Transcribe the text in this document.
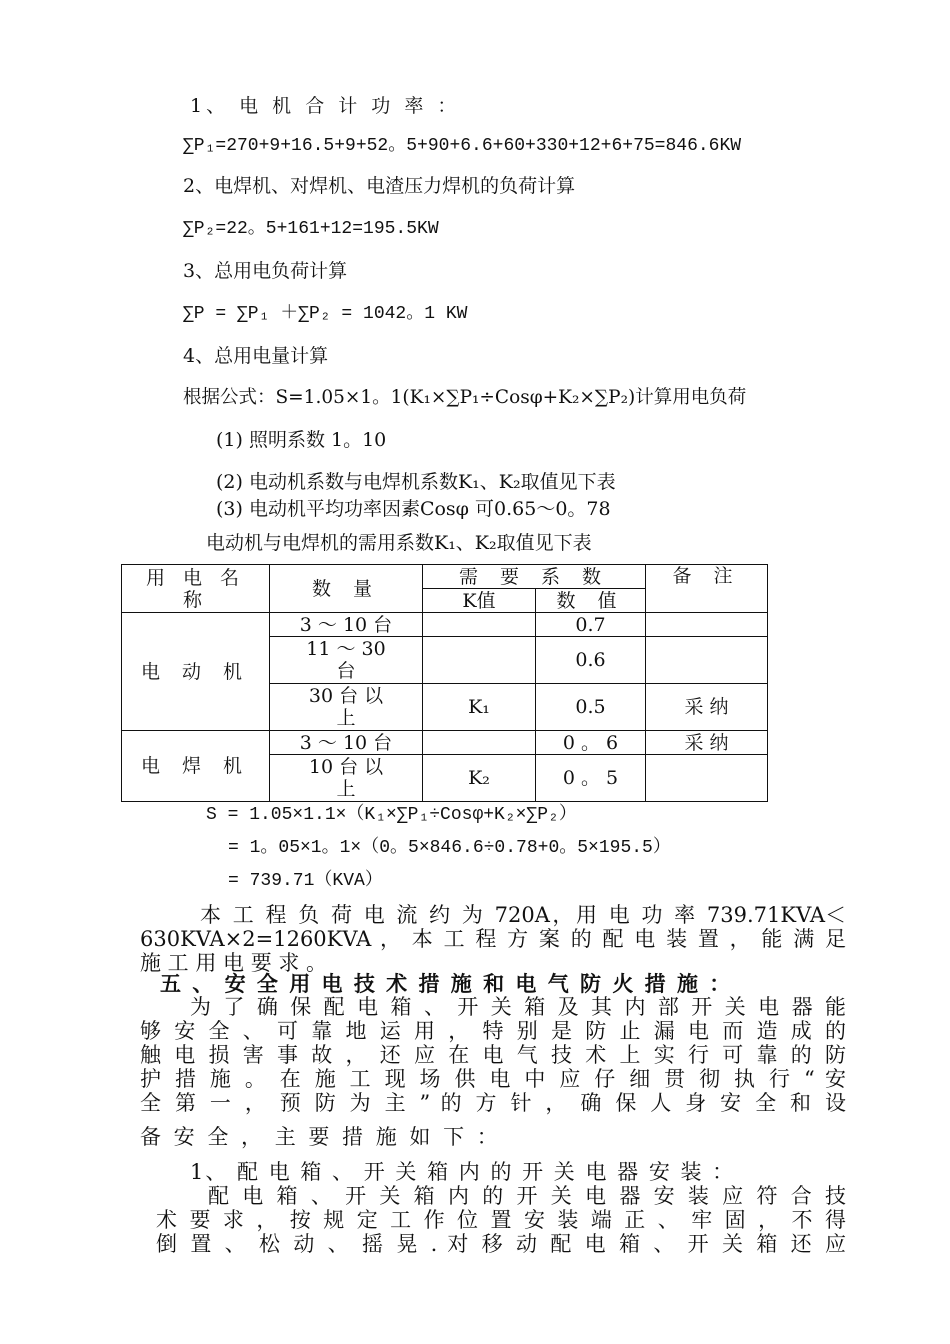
1、 电 机 合 计 功 率 ：
∑P₁=270+9+16.5+9+52。5+90+6.6+60+330+12+6+75=846.6KW
2、电焊机、对焊机、电渣压力焊机的负荷计算
∑P₂=22。5+161+12=195.5KW
3、总用电负荷计算
∑P = ∑P₁ ＋∑P₂ = 1042。1 KW
4、总用电量计算
根据公式：S=1.05×1。1(K₁×∑P₁÷Cosφ+K₂×∑P₂)计算用电负荷
(1) 照明系数 1。10
(2) 电动机系数与电焊机系数K₁、K₂取值见下表
(3) 电动机平均功率因素Cosφ 可0.65～0。78
电动机与电焊机的需用系数K₁、K₂取值见下表
用 电 名 称	数 量	需 要 系 数		备 注
		K值	数 值	
电 动 机	3 ～ 10 台		0.7	
	11 ～ 30 台		0.6	
	30 台 以 上	K₁	0.5	采 纳
电 焊 机	3 ～ 10 台		0 。 6	采 纳
	10 台 以 上	K₂	0 。 5	
S = 1.05×1.1×（K₁×∑P₁÷Cosφ+K₂×∑P₂）
= 1。05×1。1×（0。5×846.6÷0.78+0。5×195.5）
= 739.71（KVA）
本 工 程 负 荷 电 流 约 为 720A，用 电 功 率 739.71KVA＜
630KVA×2=1260KVA ， 本 工 程 方 案 的 配 电 装 置 ， 能 满 足
施 工 用 电 要 求 。
五 、 安 全 用 电 技 术 措 施 和 电 气 防 火 措 施 ：
为 了 确 保 配 电 箱 、 开 关 箱 及 其 内 部 开 关 电 器 能
够 安 全 、 可 靠 地 运 用 ， 特 别 是 防 止 漏 电 而 造 成 的
触 电 损 害 事 故 ， 还 应 在 电 气 技 术 上 实 行 可 靠 的 防
护 措 施 。 在 施 工 现 场 供 电 中 应 仔 细 贯 彻 执 行 “ 安
全 第 一 ， 预 防 为 主 ” 的 方 针 ， 确 保 人 身 安 全 和 设
备 安 全 ， 主 要 措 施 如 下 ：
1、 配 电 箱 、 开 关 箱 内 的 开 关 电 器 安 装 ：
配 电 箱 、 开 关 箱 内 的 开 关 电 器 安 装 应 符 合 技
术 要 求 ， 按 规 定 工 作 位 置 安 装 端 正 、 牢 固 ， 不 得
倒 置 、 松 动 、 摇 晃 . 对 移 动 配 电 箱 、 开 关 箱 还 应
